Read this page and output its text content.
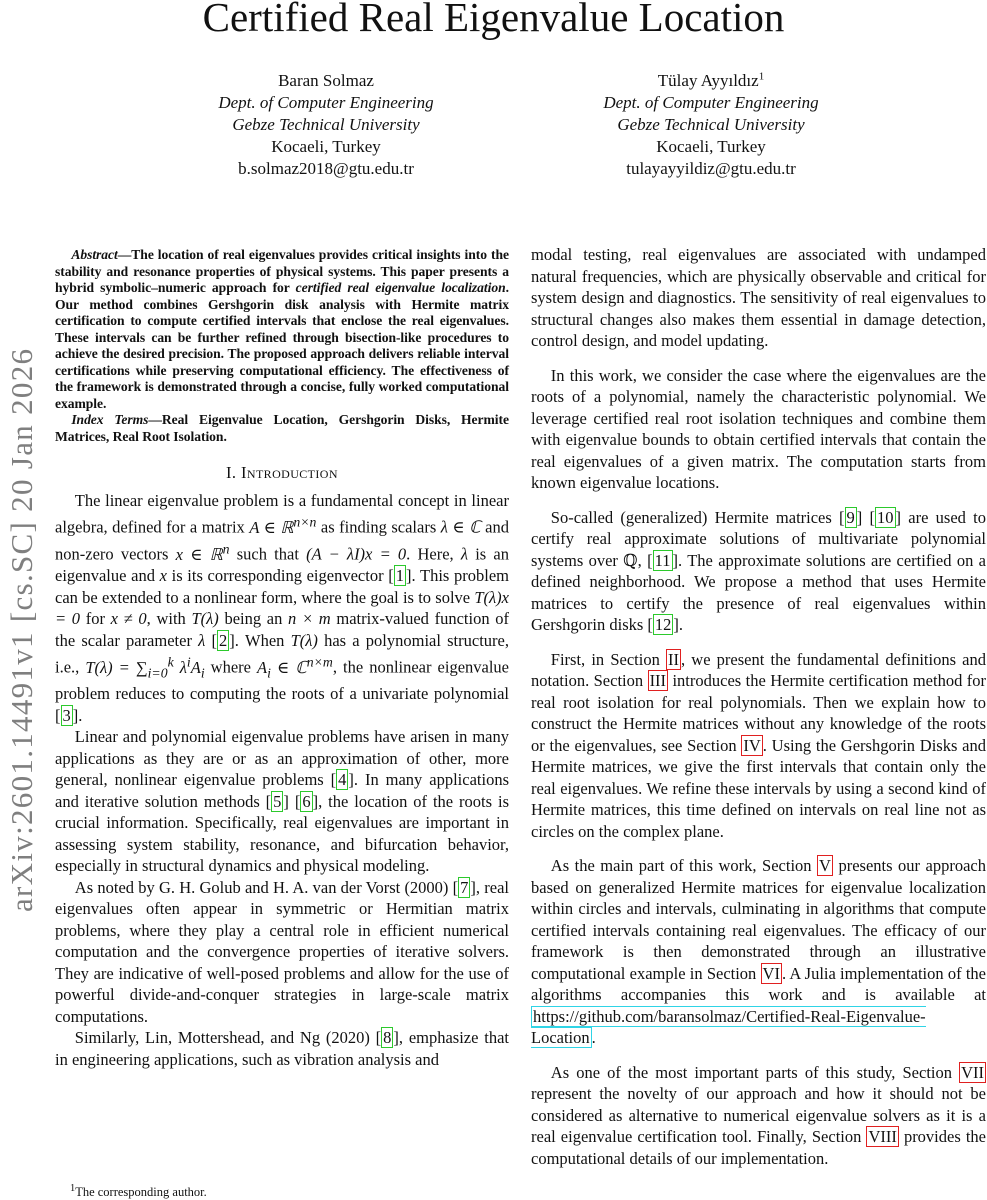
Certified Real Eigenvalue Location
Baran Solmaz
Dept. of Computer Engineering
Gebze Technical University
Kocaeli, Turkey
b.solmaz2018@gtu.edu.tr
Tülay Ayyıldız$^1$
Dept. of Computer Engineering
Gebze Technical University
Kocaeli, Turkey
tulayayyildiz@gtu.edu.tr
arXiv:2601.14491v1 [cs.SC] 20 Jan 2026

Abstract—The location of real eigenvalues provides critical insights into the stability and resonance properties of physical systems. This paper presents a hybrid symbolic–numeric approach for certified real eigenvalue localization. Our method combines Gershgorin disk analysis with Hermite matrix certification to compute certified intervals that enclose the real eigenvalues. These intervals can be further refined through bisection-like procedures to achieve the desired precision. The proposed approach delivers reliable interval certifications while preserving computational efficiency. The effectiveness of the framework is demonstrated through a concise, fully worked computational example.

Index Terms—Real Eigenvalue Location, Gershgorin Disks, Hermite Matrices, Real Root Isolation.

I. Introduction

The linear eigenvalue problem is a fundamental concept in linear algebra, defined for a matrix A ∈ ℝ$^{n\times n}$ as finding scalars λ ∈ ℂ and non-zero vectors x ∈ ℝ$^n$ such that (A − λI)x = 0. Here, λ is an eigenvalue and x is its corresponding eigenvector [ 1 ]. This problem can be extended to a nonlinear form, where the goal is to solve T(λ)x = 0 for x ≠ 0, with T(λ) being an n × m matrix-valued function of the scalar parameter λ [ 2 ]. When T(λ) has a polynomial structure, i.e., $T(\lambda) = \sum_{i=0}^k$ $\lambda^iA_i$ where $A_i$ ∈ ℂ$^{n\times m}$, the nonlinear eigenvalue problem reduces to computing the roots of a univariate polynomial [ 3 ].

Linear and polynomial eigenvalue problems have arisen in many applications as they are or as an approximation of other, more general, nonlinear eigenvalue problems [ 4 ]. In many applications and iterative solution methods [ 5 ] [ 6 ], the location of the roots is crucial information. Specifically, real eigenvalues are important in assessing system stability, resonance, and bifurcation behavior, especially in structural dynamics and physical modeling.

As noted by G. H. Golub and H. A. van der Vorst (2000) [ 7 ], real eigenvalues often appear in symmetric or Hermitian matrix problems, where they play a central role in efficient numerical computation and the convergence properties of iterative solvers. They are indicative of well-posed problems and allow for the use of powerful divide-and-conquer strategies in large-scale matrix computations.

Similarly, Lin, Mottershead, and Ng (2020) [ 8 ], emphasize that in engineering applications, such as vibration analysis and

modal testing, real eigenvalues are associated with undamped natural frequencies, which are physically observable and critical for system design and diagnostics. The sensitivity of real eigenvalues to structural changes also makes them essential in damage detection, control design, and model updating.

In this work, we consider the case where the eigenvalues are the roots of a polynomial, namely the characteristic polynomial. We leverage certified real root isolation techniques and combine them with eigenvalue bounds to obtain certified intervals that contain the real eigenvalues of a given matrix. The computation starts from known eigenvalue locations.

So-called (generalized) Hermite matrices [ 9 ] [ 10 ] are used to certify real approximate solutions of multivariate polynomial systems over ℚ, [ 11 ]. The approximate solutions are certified on a defined neighborhood. We propose a method that uses Hermite matrices to certify the presence of real eigenvalues within Gershgorin disks [ 12 ].

First, in Section II , we present the fundamental definitions and notation. Section III introduces the Hermite certification method for real root isolation for real polynomials. Then we explain how to construct the Hermite matrices without any knowledge of the roots or the eigenvalues, see Section IV . Using the Gershgorin Disks and Hermite matrices, we give the first intervals that contain only the real eigenvalues. We refine these intervals by using a second kind of Hermite matrices, this time defined on intervals on real line not as circles on the complex plane.

As the main part of this work, Section V presents our approach based on generalized Hermite matrices for eigenvalue localization within circles and intervals, culminating in algorithms that compute certified intervals containing real eigenvalues. The efficacy of our framework is then demonstrated through an illustrative computational example in Section VI . A Julia implementation of the algorithms accompanies this work and is available at https://github.com/baransolmaz/Certified-Real-Eigenvalue-Location .

As one of the most important parts of this study, Section VII represent the novelty of our approach and how it should not be considered as alternative to numerical eigenvalue solvers as it is a real eigenvalue certification tool. Finally, Section VIII provides the computational details of our implementation.

$^1$The corresponding author.
